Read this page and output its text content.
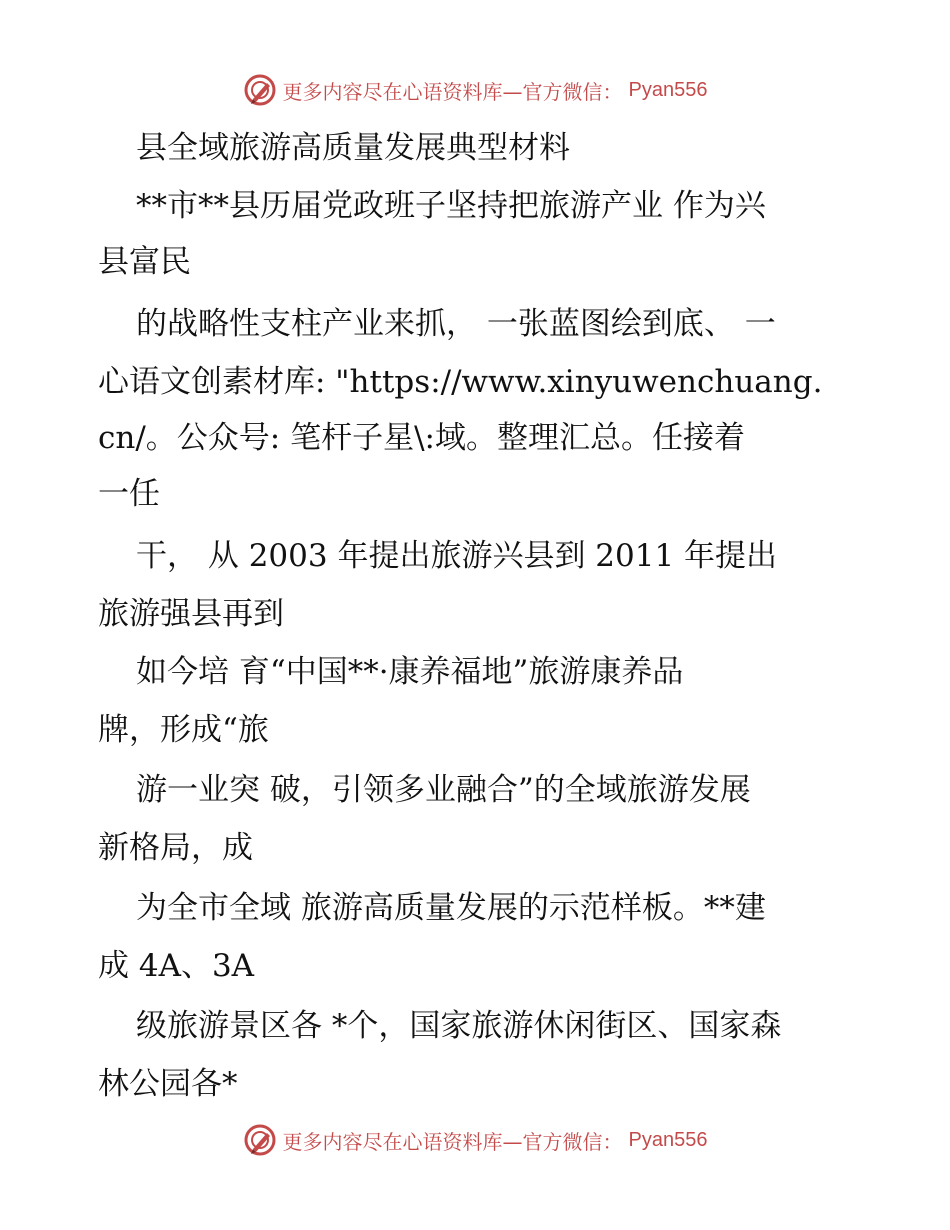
更多内容尽在心语资料库—官方微信： Pyan556
县全域旅游高质量发展典型材料
**市**县历届党政班子坚持把旅游产业 作为兴
县富民
的战略性支柱产业来抓， 一张蓝图绘到底、 一
心语文创素材库: "https://www.xinyuwenchuang.
cn/。公众号: 笔杆子星\:域。整理汇总。任接着
一任
干， 从 2003 年提出旅游兴县到 2011 年提出
旅游强县再到
如今培 育“中国**·康养福地”旅游康养品
牌，形成“旅
游一业突 破，引领多业融合”的全域旅游发展
新格局，成
为全市全域 旅游高质量发展的示范样板。**建
成 4A、3A
级旅游景区各 *个，国家旅游休闲街区、国家森
林公园各*
更多内容尽在心语资料库—官方微信： Pyan556
